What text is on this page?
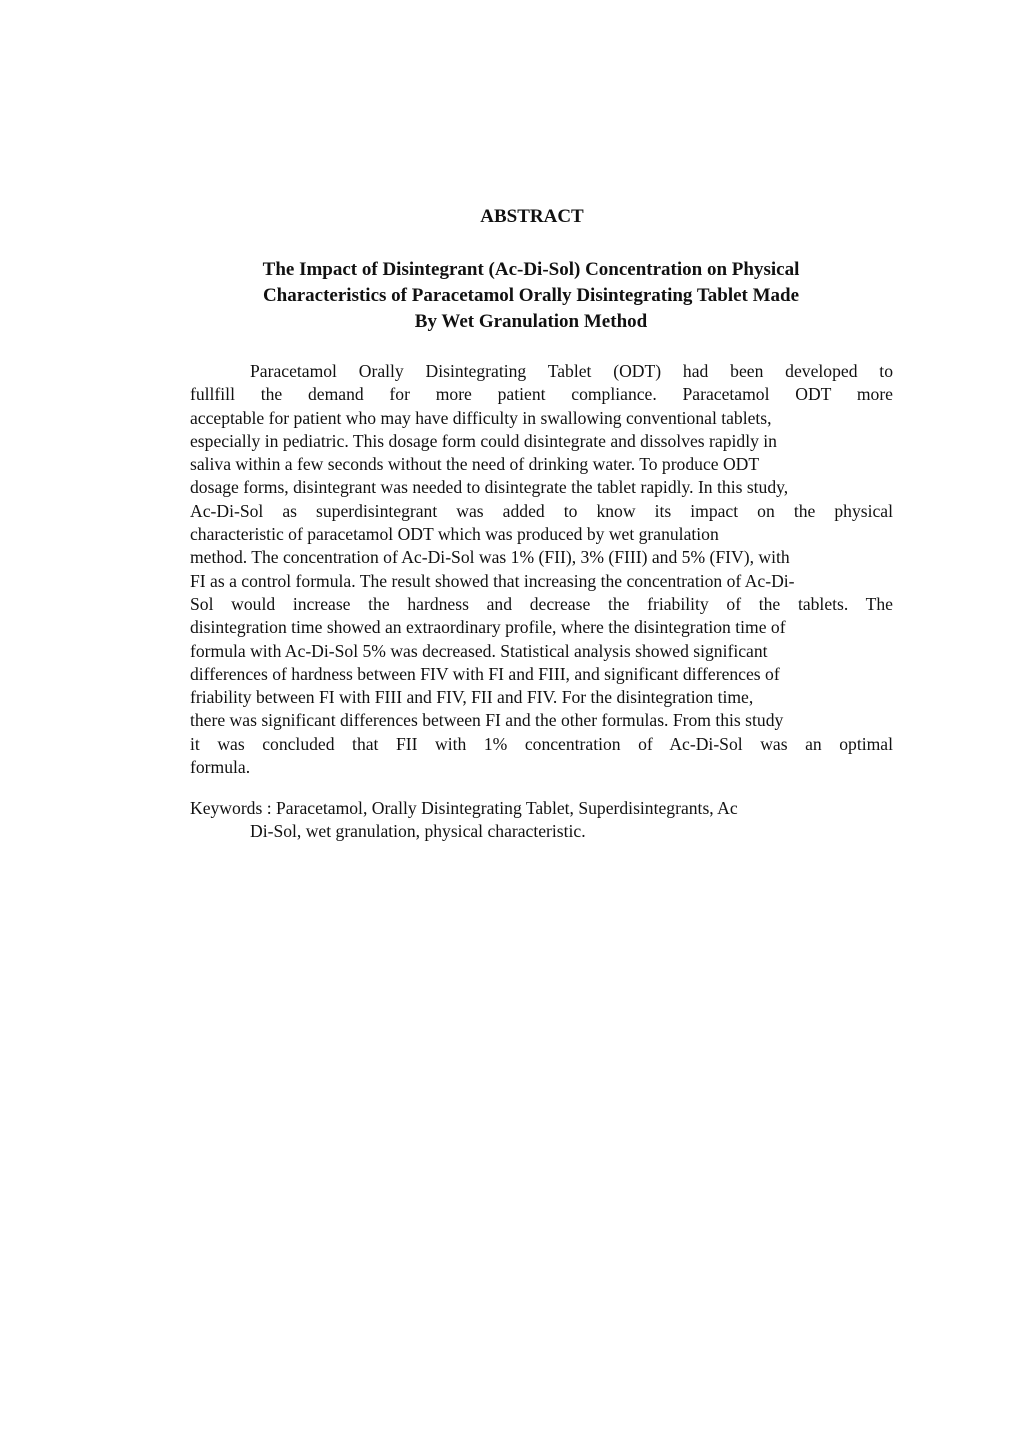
ABSTRACT
The Impact of Disintegrant (Ac-Di-Sol) Concentration on Physical
Characteristics of Paracetamol Orally Disintegrating Tablet Made
By Wet Granulation Method
Paracetamol Orally Disintegrating Tablet (ODT) had been developed to
fullfill the demand for more patient compliance. Paracetamol ODT more
acceptable for patient who may have difficulty in swallowing conventional tablets,
especially in pediatric. This dosage form could disintegrate and dissolves rapidly in
saliva within a few seconds without the need of drinking water. To produce ODT
dosage forms, disintegrant was needed to disintegrate the tablet rapidly. In this study,
Ac-Di-Sol as superdisintegrant was added to know its impact on the physical
characteristic of paracetamol ODT which was produced by wet granulation
method. The concentration of Ac-Di-Sol was 1% (FII), 3% (FIII) and 5% (FIV), with
FI as a control formula. The result showed that increasing the concentration of Ac-Di-
Sol would increase the hardness and decrease the friability of the tablets. The
disintegration time showed an extraordinary profile, where the disintegration time of
formula with Ac-Di-Sol 5% was decreased. Statistical analysis showed significant
differences of hardness between FIV with FI and FIII, and significant differences of
friability between FI with FIII and FIV, FII and FIV. For the disintegration time,
there was significant differences between FI and the other formulas. From this study
it was concluded that FII with 1% concentration of Ac-Di-Sol was an optimal
formula.
Keywords : Paracetamol, Orally Disintegrating Tablet, Superdisintegrants, Ac
Di-Sol, wet granulation, physical characteristic.
